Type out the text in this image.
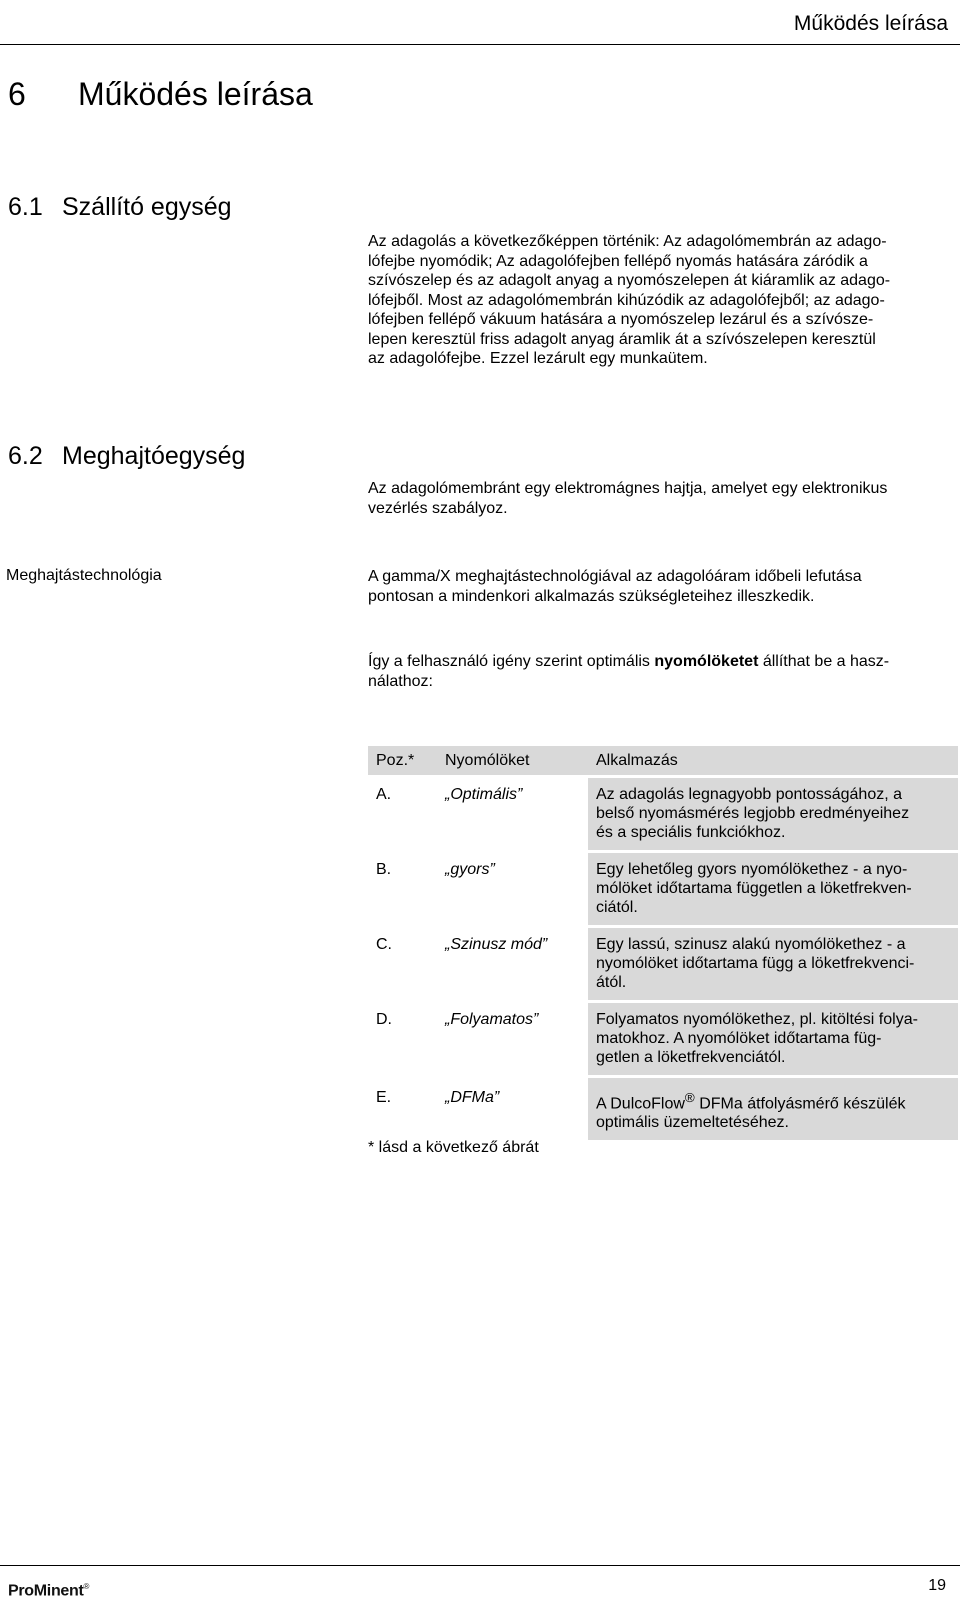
Működés leírása
6	Működés leírása
6.1 Szállító egység
Az adagolás a következőképpen történik: Az adagolómembrán az adago-
lófejbe nyomódik; Az adagolófejben fellépő nyomás hatására záródik a
szívószelep és az adagolt anyag a nyomószelepen át kiáramlik az adago-
lófejből. Most az adagolómembrán kihúzódik az adagolófejből; az adago-
lófejben fellépő vákuum hatására a nyomószelep lezárul és a szívósze-
lepen keresztül friss adagolt anyag áramlik át a szívószelepen keresztül
az adagolófejbe. Ezzel lezárult egy munkaütem.
6.2 Meghajtóegység
Az adagolómembránt egy elektromágnes hajtja, amelyet egy elektronikus
vezérlés szabályoz.
Meghajtástechnológia	A gamma/X meghajtástechnológiával az adagolóáram időbeli lefutása
pontosan a mindenkori alkalmazás szükségleteihez illeszkedik.
Így a felhasználó igény szerint optimális nyomólöketet állíthat be a hasz-
nálathoz:
Poz.*	Nyomólöket	Alkalmazás
A.	„Optimális”	Az adagolás legnagyobb pontosságához, a
belső nyomásmérés legjobb eredményeihez
és a speciális funkciókhoz.

B.	„gyors”	Egy lehetőleg gyors nyomólökethez - a nyo-
mólöket időtartama független a löketfrekven-
ciától.

C.	„Szinusz mód”	Egy lassú, szinusz alakú nyomólökethez - a
nyomólöket időtartama függ a löketfrekvenci-
ától.

D.	„Folyamatos”	Folyamatos nyomólökethez, pl. kitöltési folya-
matokhoz. A nyomólöket időtartama füg-
getlen a löketfrekvenciától.

E.	„DFMa”	A DulcoFlow® DFMa átfolyásmérő készülék
optimális üzemeltetéséhez.
* lásd a következő ábrát
ProMinent®	19
